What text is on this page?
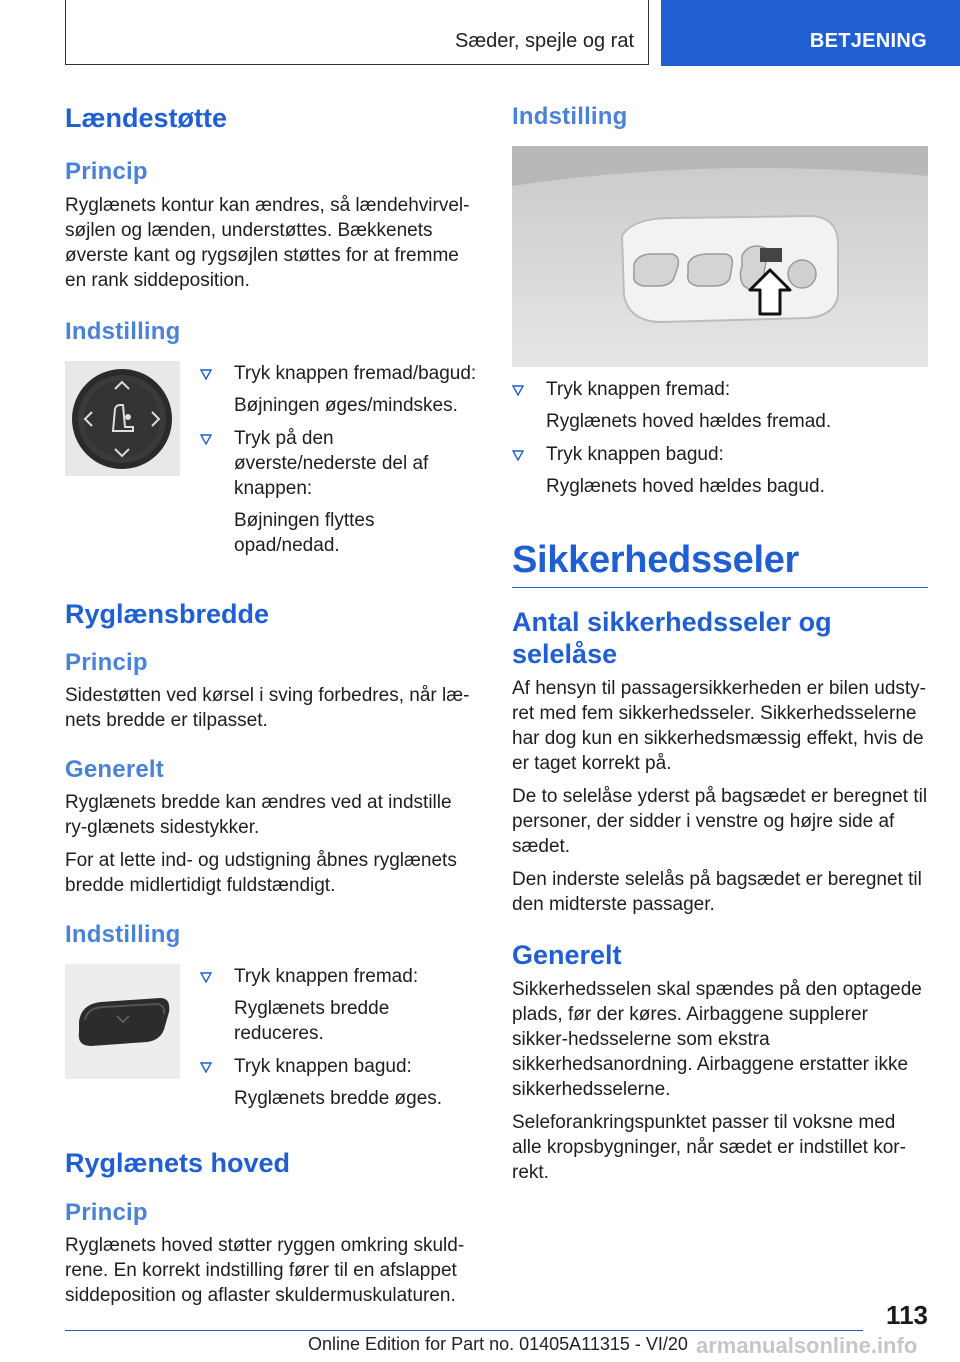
Sæder, spejle og rat	BETJENING
Lændestøtte
Princip

Ryglænets kontur kan ændres, så lændehvirvel-søjlen og lænden, understøttes. Bækkenets øverste kant og rygsøjlen støttes for at fremme en rank siddeposition.

Indstilling

Tryk knappen fremad/bagud:

Bøjningen øges/mindskes.

Tryk på den øverste/nederste del af knappen:

Bøjningen flyttes opad/nedad.

Ryglænsbredde
Princip

Sidestøtten ved kørsel i sving forbedres, når læ-nets bredde er tilpasset.

Generelt

Ryglænets bredde kan ændres ved at indstille ry-glænets sidestykker.

For at lette ind- og udstigning åbnes ryglænets bredde midlertidigt fuldstændigt.

Indstilling

Tryk knappen fremad:

Ryglænets bredde reduceres.

Tryk knappen bagud:

Ryglænets bredde øges.

Ryglænets hoved
Princip

Ryglænets hoved støtter ryggen omkring skuld-rene. En korrekt indstilling fører til en afslappet siddeposition og aflaster skuldermuskulaturen.

Indstilling

Tryk knappen fremad:

Ryglænets hoved hældes fremad.

Tryk knappen bagud:

Ryglænets hoved hældes bagud.

Sikkerhedsseler
Antal sikkerhedsseler og selelåse

Af hensyn til passagersikkerheden er bilen udsty-ret med fem sikkerhedsseler. Sikkerhedsselerne har dog kun en sikkerhedsmæssig effekt, hvis de er taget korrekt på.

De to selelåse yderst på bagsædet er beregnet til personer, der sidder i venstre og højre side af sædet.

Den inderste selelås på bagsædet er beregnet til den midterste passager.

Generelt

Sikkerhedsselen skal spændes på den optagede plads, før der køres. Airbaggene supplerer sikker-hedsselerne som ekstra sikkerhedsanordning. Airbaggene erstatter ikke sikkerhedsselerne.

Seleforankringspunktet passer til voksne med alle kropsbygninger, når sædet er indstillet kor-rekt.

113
Online Edition for Part no. 01405A11315 - VI/20 armanualsonline.info
